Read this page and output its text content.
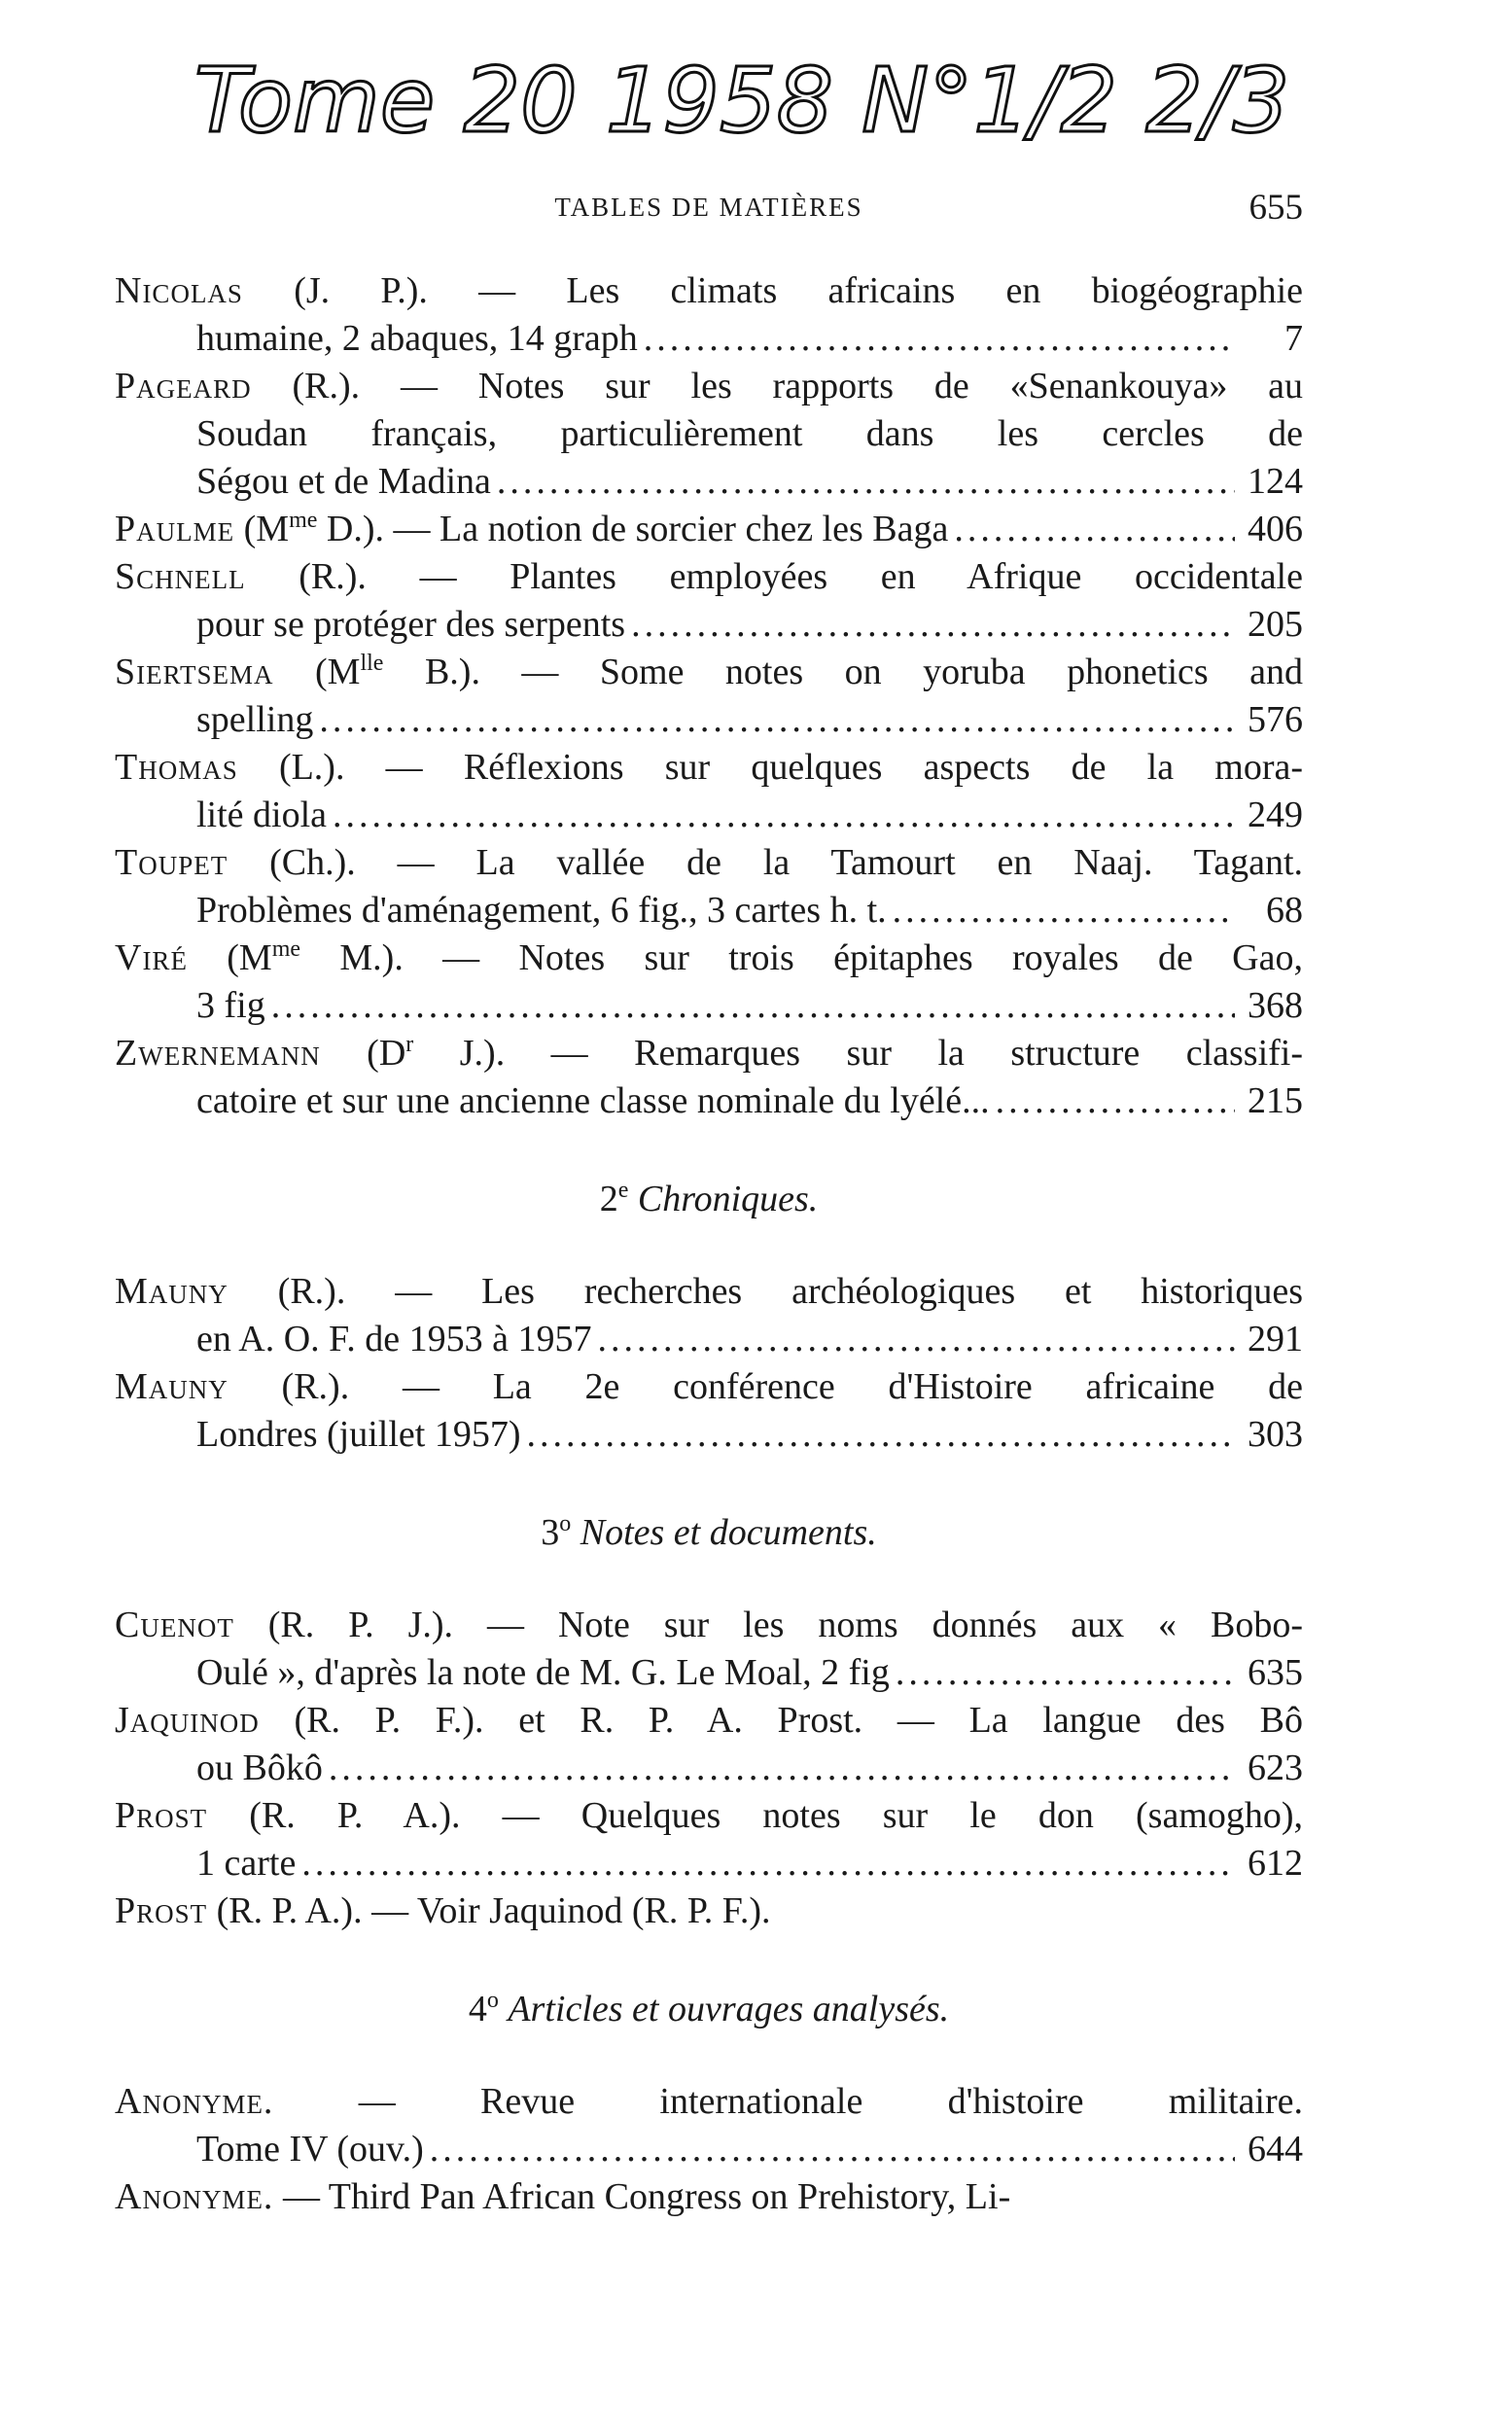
Tome 20 1958 N°1/2 2/3
TABLES DE MATIÈRES	655
Nicolas (J. P.). — Les climats africains en biogéographie
humaine, 2 abaques, 14 graph .....	7
Pageard (R.). — Notes sur les rapports de «Senankouya» au
Soudan français, particulièrement dans les cercles de
Ségou et de Madina .....	124
Paulme ($M^{me}$ D.). — La notion de sorcier chez les Baga .....	406
Schnell (R.). — Plantes employées en Afrique occidentale
pour se protéger des serpents .....	205
Siertsema ($M^{lle}$ B.). — Some notes on yoruba phonetics and
spelling .....	576
Thomas (L.). — Réflexions sur quelques aspects de la mora-
lité diola .....	249
Toupet (Ch.). — La vallée de la Tamourt en Naaj. Tagant.
Problèmes d'aménagement, 6 fig., 3 cartes h. t. .....	68
Viré ($M^{me}$ M.). — Notes sur trois épitaphes royales de Gao,
3 fig .....	368
Zwernemann ($D^r$ J.). — Remarques sur la structure classifi-
catoire et sur une ancienne classe nominale du lyélé... .....	215
2e Chroniques.
Mauny (R.). — Les recherches archéologiques et historiques
en A. O. F. de 1953 à 1957 .....	291
Mauny (R.). — La 2e conférence d'Histoire africaine de
Londres (juillet 1957) .....	303
3$^o$ Notes et documents.
Cuenot (R. P. J.). — Note sur les noms donnés aux « Bobo-
Oulé », d'après la note de M. G. Le Moal, 2 fig .....	635
Jaquinod (R. P. F.). et R. P. A. Prost. — La langue des Bô
ou Bôkô .....	623
Prost (R. P. A.). — Quelques notes sur le don (samogho),
1 carte .....	612
Prost (R. P. A.). — Voir Jaquinod (R. P. F.).
4$^o$ Articles et ouvrages analysés.
Anonyme. — Revue internationale d'histoire militaire.
Tome IV (ouv.) .....	644
Anonyme. — Third Pan African Congress on Prehistory, Li-
